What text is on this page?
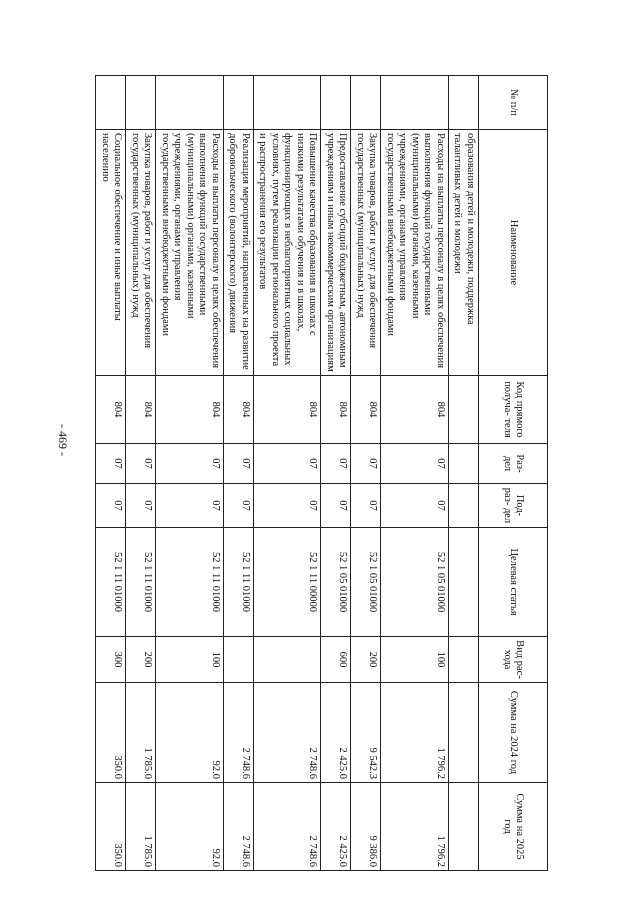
- 469 -
№ п/п	Наименование	Код прямого получа- теля	Раз- дел	Под- раз- дел	Целевая статья	Вид рас- хода	Сумма на 2024 год	Сумма на 2025 год
	образования детей и молодежи, поддержка талантливых детей и молодежи							
	Расходы на выплаты персоналу в целях обеспечения выполнения функций государственными (муниципальными) органами, казенными учреждениями, органами управления государственными внебюджетными фондами	804	07	07	52 1 05 01000	100	1 796.2	1 796.2
	Закупка товаров, работ и услуг для обеспечения государственных (муниципальных) нужд	804	07	07	52 1 05 01000	200	9 542.3	9 386.0
	Предоставление субсидий бюджетным, автономным учреждениям и иным некоммерческим организациям	804	07	07	52 1 05 01000	600	2 425.0	2 425.0
	Повышение качества образования в школах с низкими результатами обучения и в школах, функционирующих в неблагоприятных социальных условиях, путем реализации регионального проекта и распространения его результатов	804	07	07	52 1 11 00000		2 748.6	2 748.6
	Реализация мероприятий, направленных на развитие добровольческого (волонтерского) движения	804	07	07	52 1 11 01000		2 748.6	2 748.6
	Расходы на выплаты персоналу в целях обеспечения выполнения функций государственными (муниципальными) органами, казенными учреждениями, органами управления государственными внебюджетными фондами	804	07	07	52 1 11 01000	100	92.0	92.0
	Закупка товаров, работ и услуг для обеспечения государственных (муниципальных) нужд	804	07	07	52 1 11 01000	200	1 785.0	1 785.0
	Социальное обеспечение и иные выплаты населению	804	07	07	52 1 11 01000	300	350.0	350.0
